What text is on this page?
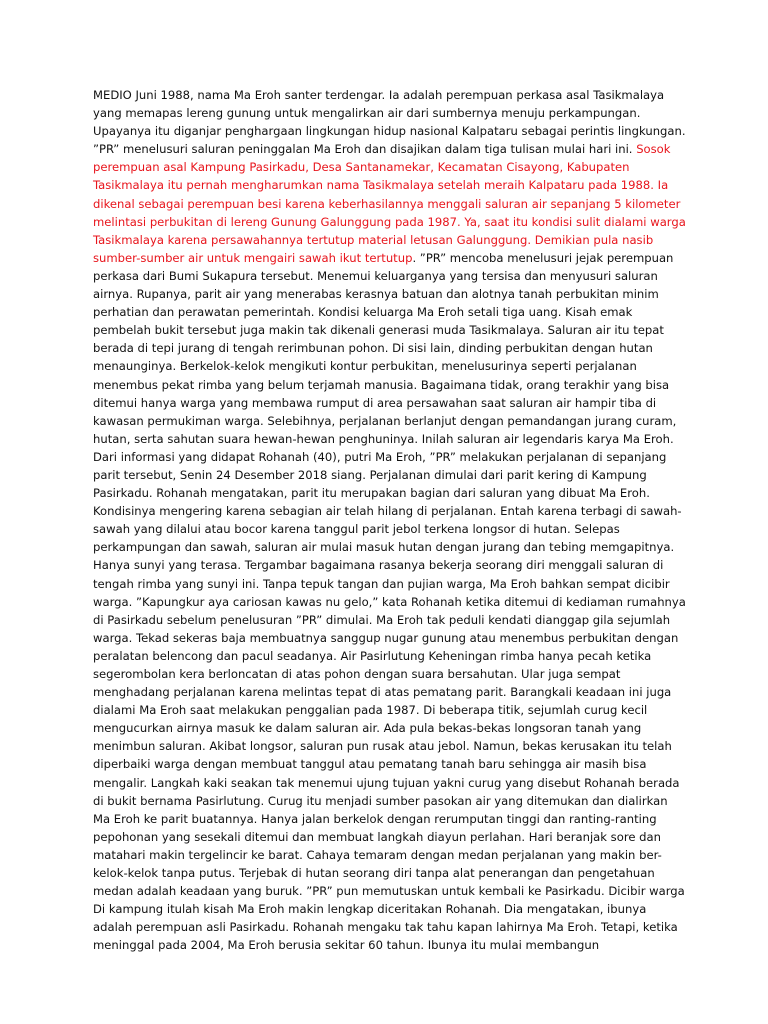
MEDIO Juni 1988, nama Ma Eroh santer terdengar. Ia adalah perempuan perkasa asal Tasikmalaya yang memapas lereng gunung untuk mengalirkan air dari sumbernya menuju perkampungan. Upayanya itu diganjar penghargaan lingkungan hidup nasional Kalpataru sebagai perintis lingkungan. ”PR” menelusuri saluran peninggalan Ma Eroh dan disajikan dalam tiga tulisan mulai hari ini. Sosok perempuan asal Kampung Pasirkadu, Desa Santanamekar, Kecamatan Cisayong, Kabupaten Tasikmalaya itu pernah mengharumkan nama Tasikmalaya setelah meraih Kalpataru pada 1988. Ia dikenal sebagai perempuan besi karena keberhasilannya menggali saluran air sepanjang 5 kilometer melintasi perbukitan di lereng Gunung Galunggung pada 1987. Ya, saat itu kondisi sulit dialami warga Tasikmalaya karena persawahannya tertutup material letusan Galunggung. Demikian pula nasib sumber-sumber air untuk mengairi sawah ikut tertutup. ”PR” mencoba menelusuri jejak perempuan perkasa dari Bumi Sukapura tersebut. Menemui keluarganya yang tersisa dan menyusuri saluran airnya. Rupanya, parit air yang menerabas kerasnya batuan dan alotnya tanah perbukitan minim perhatian dan perawatan pemerintah. Kondisi keluarga Ma Eroh setali tiga uang. Kisah emak pembelah bukit tersebut juga makin tak dikenali generasi muda Tasikmalaya. Saluran air itu tepat berada di tepi jurang di tengah rerimbunan pohon. Di sisi lain, dinding perbukitan dengan hutan menaunginya. Berkelok-kelok mengikuti kontur perbukitan, menelusurinya seperti perjalanan menembus pekat rimba yang belum terjamah manusia. Bagaimana tidak, orang terakhir yang bisa ditemui hanya warga yang membawa rumput di area persawahan saat saluran air hampir tiba di kawasan permukiman warga. Selebihnya, perjalanan berlanjut dengan pemandangan jurang curam, hutan, serta sahutan suara hewan-hewan penghuninya. Inilah saluran air legendaris karya Ma Eroh. Dari informasi yang didapat Rohanah (40), putri Ma Eroh, ”PR” melakukan perjalanan di sepanjang parit tersebut, Senin 24 Desember 2018 siang. Perjalanan dimulai dari parit kering di Kampung Pasirkadu. Rohanah mengatakan, parit itu merupakan bagian dari saluran yang dibuat Ma Eroh. Kondisinya mengering karena sebagian air telah hilang di perjalanan. Entah karena terbagi di sawah-sawah yang dilalui atau bocor karena tanggul parit jebol terkena longsor di hutan. Selepas perkampungan dan sawah, saluran air mulai masuk hutan dengan jurang dan tebing memgapitnya. Hanya sunyi yang terasa. Tergambar bagaimana rasanya bekerja seorang diri menggali saluran di tengah rimba yang sunyi ini. Tanpa tepuk tangan dan pujian warga, Ma Eroh bahkan sempat dicibir warga. ”Kapungkur aya cariosan kawas nu gelo,” kata Rohanah ketika ditemui di kediaman rumahnya di Pasirkadu sebelum penelusuran ”PR” dimulai. Ma Eroh tak peduli kendati dianggap gila sejumlah warga. Tekad sekeras baja membuatnya sanggup nugar gunung atau menembus perbukitan dengan peralatan belencong dan pacul seadanya. Air Pasirlutung Keheningan rimba hanya pecah ketika segerombolan kera berloncatan di atas pohon dengan suara bersahutan. Ular juga sempat menghadang perjalanan karena melintas tepat di atas pematang parit. Barangkali keadaan ini juga dialami Ma Eroh saat melakukan penggalian pada 1987. Di beberapa titik, sejumlah curug kecil mengucurkan airnya masuk ke dalam saluran air. Ada pula bekas-bekas longsoran tanah yang menimbun saluran. Akibat longsor, saluran pun rusak atau jebol. Namun, bekas kerusakan itu telah diperbaiki warga dengan membuat tanggul atau pematang tanah baru sehingga air masih bisa mengalir. Langkah kaki seakan tak menemui ujung tujuan yakni curug yang disebut Rohanah berada di bukit bernama Pasirlutung. Curug itu menjadi sumber pasokan air yang ditemukan dan dialirkan Ma Eroh ke parit buatannya. Hanya jalan berkelok dengan rerumputan tinggi dan ranting-ranting pepohonan yang sesekali ditemui dan membuat langkah diayun perlahan. Hari beranjak sore dan matahari makin tergelincir ke barat. Cahaya temaram dengan medan perjalanan yang makin ber-kelok-kelok tanpa putus. Terjebak di hutan seorang diri tanpa alat penerangan dan pengetahuan medan adalah keadaan yang buruk. ”PR” pun memutuskan untuk kembali ke Pasirkadu. Dicibir warga Di kampung itulah kisah Ma Eroh makin lengkap diceritakan Rohanah. Dia mengatakan, ibunya adalah perempuan asli Pasirkadu. Rohanah mengaku tak tahu kapan lahirnya Ma Eroh. Tetapi, ketika meninggal pada 2004, Ma Eroh berusia sekitar 60 tahun. Ibunya itu mulai membangun
